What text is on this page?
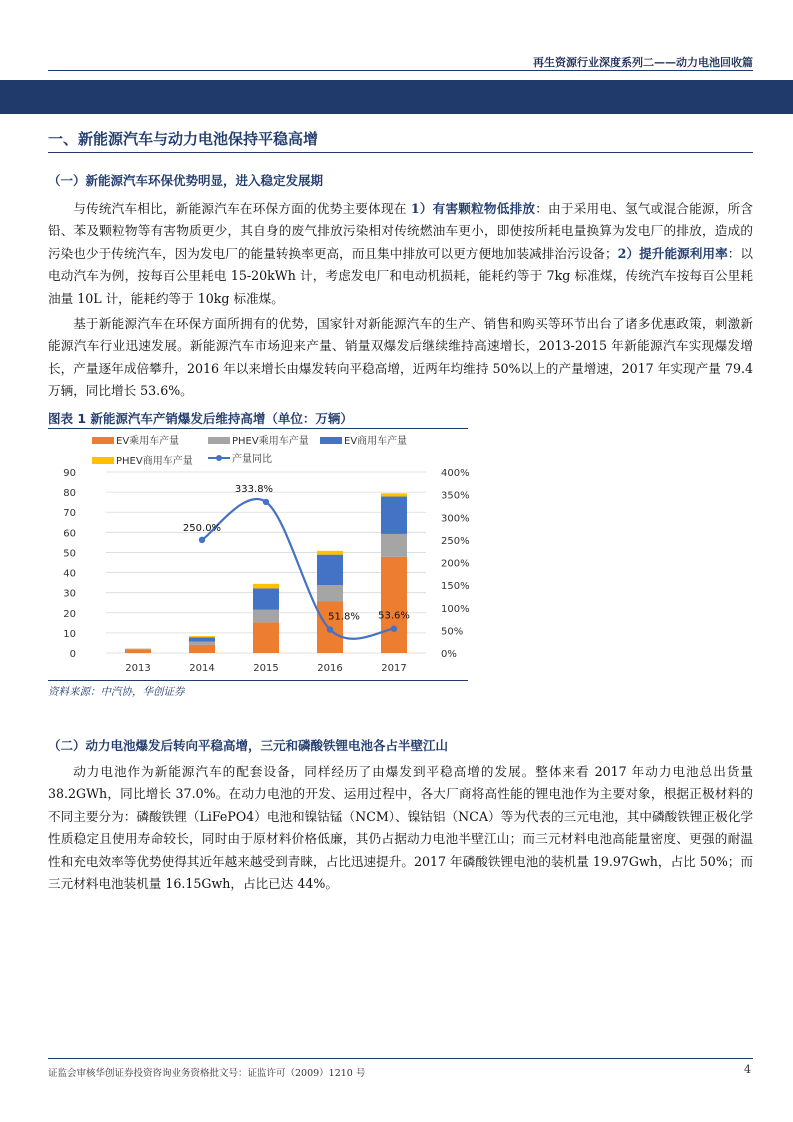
再生资源行业深度系列二——动力电池回收篇
一、新能源汽车与动力电池保持平稳高增
（一）新能源汽车环保优势明显，进入稳定发展期

与传统汽车相比，新能源汽车在环保方面的优势主要体现在 1）有害颗粒物低排放：由于采用电、氢气或混合能源，所含铅、苯及颗粒物等有害物质更少，其自身的废气排放污染相对传统燃油车更小，即使按所耗电量换算为发电厂的排放，造成的污染也少于传统汽车，因为发电厂的能量转换率更高，而且集中排放可以更方便地加装减排治污设备；2）提升能源利用率：以电动汽车为例，按每百公里耗电 15-20kWh 计，考虑发电厂和电动机损耗，能耗约等于 7kg 标准煤，传统汽车按每百公里耗油量 10L 计，能耗约等于 10kg 标准煤。

基于新能源汽车在环保方面所拥有的优势，国家针对新能源汽车的生产、销售和购买等环节出台了诸多优惠政策，刺激新能源汽车行业迅速发展。新能源汽车市场迎来产量、销量双爆发后继续维持高速增长，2013-2015 年新能源汽车实现爆发增长，产量逐年成倍攀升，2016 年以来增长由爆发转向平稳高增，近两年均维持 50%以上的产量增速，2017 年实现产量 79.4 万辆，同比增长 53.6%。

图表 1 新能源汽车产销爆发后维持高增（单位：万辆）
EV乘用车产量	PHEV乘用车产量	EV商用车产量
PHEV商用车产量	产量同比
0
10
20
30
40
50
60
70
80
90
0%
50%
100%
150%
200%
250%
300%
350%
400%
2013	2014	2015	2016	2017
250.0%
333.8%
51.8% 53.6%
资料来源：中汽协，华创证券
（二）动力电池爆发后转向平稳高增，三元和磷酸铁锂电池各占半壁江山

动力电池作为新能源汽车的配套设备，同样经历了由爆发到平稳高增的发展。整体来看 2017 年动力电池总出货量 38.2GWh，同比增长 37.0%。在动力电池的开发、运用过程中，各大厂商将高性能的锂电池作为主要对象，根据正极材料的不同主要分为：磷酸铁锂（LiFePO4）电池和镍钴锰（NCM）、镍钴铝（NCA）等为代表的三元电池，其中磷酸铁锂正极化学性质稳定且使用寿命较长，同时由于原材料价格低廉，其仍占据动力电池半壁江山；而三元材料电池高能量密度、更强的耐温性和充电效率等优势使得其近年越来越受到青睐，占比迅速提升。2017 年磷酸铁锂电池的装机量 19.97Gwh，占比 50%；而三元材料电池装机量 16.15Gwh，占比已达 44%。

证监会审核华创证券投资咨询业务资格批文号：证监许可（2009）1210 号	4
